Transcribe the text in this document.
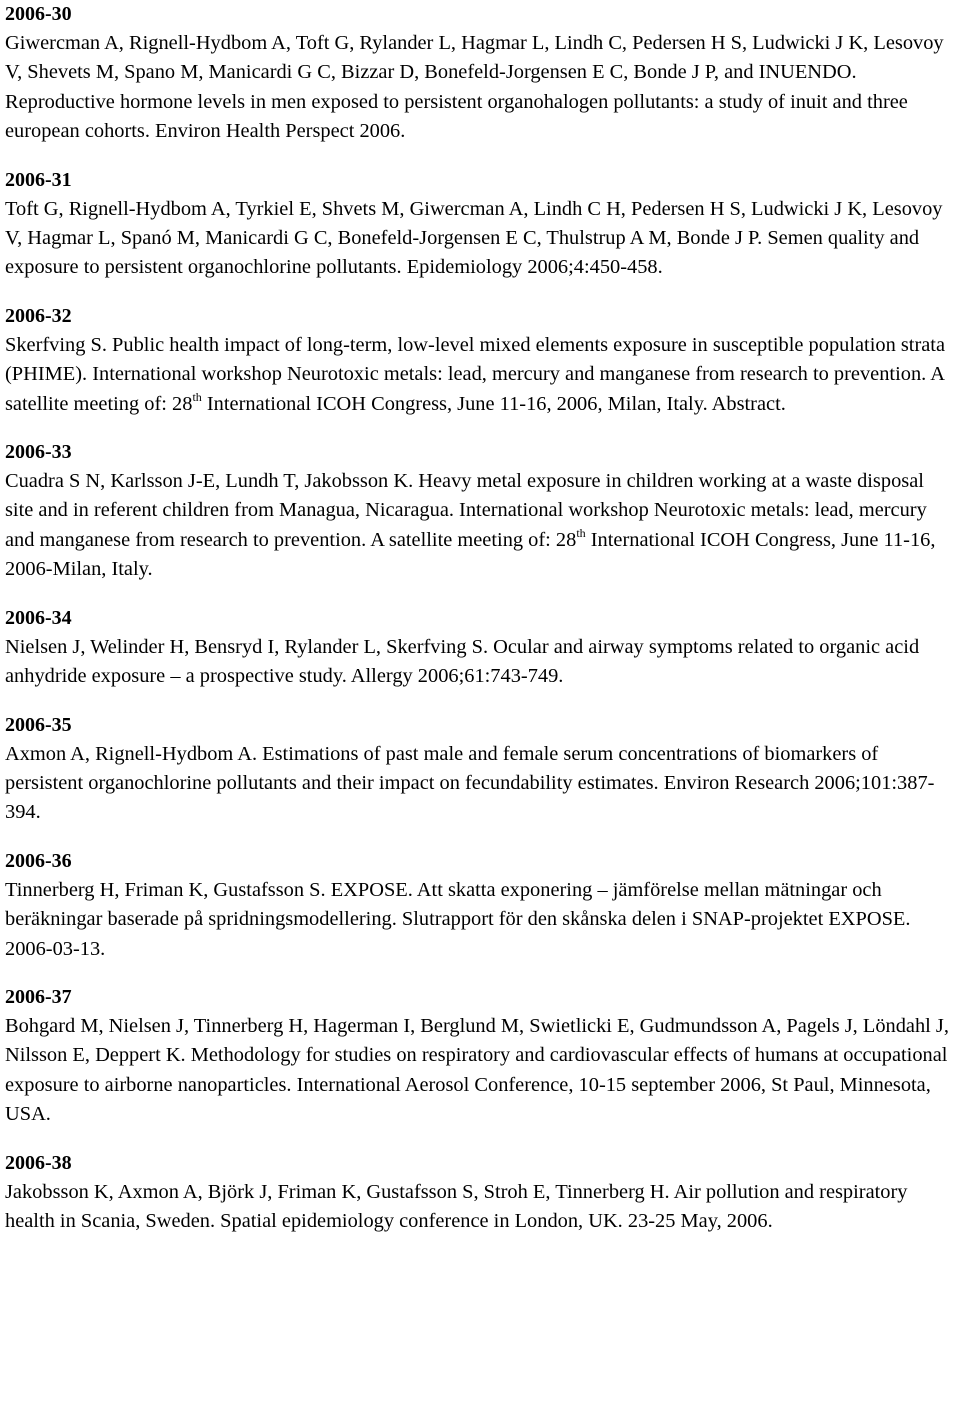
2006-30

Giwercman A, Rignell-Hydbom A, Toft G, Rylander L, Hagmar L, Lindh C, Pedersen H S, Ludwicki J K, Lesovoy V, Shevets M, Spano M, Manicardi G C, Bizzar D, Bonefeld-Jorgensen E C, Bonde J P, and INUENDO. Reproductive hormone levels in men exposed to persistent organohalogen pollutants: a study of inuit and three european cohorts. Environ Health Perspect 2006.

2006-31

Toft G, Rignell-Hydbom A, Tyrkiel E, Shvets M, Giwercman A, Lindh C H, Pedersen H S, Ludwicki J K, Lesovoy V, Hagmar L, Spanó M, Manicardi G C, Bonefeld-Jorgensen E C, Thulstrup A M, Bonde J P. Semen quality and exposure to persistent organochlorine pollutants. Epidemiology 2006;4:450-458.

2006-32

Skerfving S. Public health impact of long-term, low-level mixed elements exposure in susceptible population strata (PHIME). International workshop Neurotoxic metals: lead, mercury and manganese from research to prevention. A satellite meeting of: 28th International ICOH Congress, June 11-16, 2006, Milan, Italy. Abstract.

2006-33

Cuadra S N, Karlsson J-E, Lundh T, Jakobsson K. Heavy metal exposure in children working at a waste disposal site and in referent children from Managua, Nicaragua. International workshop Neurotoxic metals: lead, mercury and manganese from research to prevention. A satellite meeting of: 28th International ICOH Congress, June 11-16, 2006-Milan, Italy.

2006-34

Nielsen J, Welinder H, Bensryd I, Rylander L, Skerfving S. Ocular and airway symptoms related to organic acid anhydride exposure – a prospective study. Allergy 2006;61:743-749.

2006-35

Axmon A, Rignell-Hydbom A. Estimations of past male and female serum concentrations of biomarkers of persistent organochlorine pollutants and their impact on fecundability estimates. Environ Research 2006;101:387-394.

2006-36

Tinnerberg H, Friman K, Gustafsson S. EXPOSE. Att skatta exponering – jämförelse mellan mätningar och beräkningar baserade på spridningsmodellering. Slutrapport för den skånska delen i SNAP-projektet EXPOSE. 2006-03-13.

2006-37

Bohgard M, Nielsen J, Tinnerberg H, Hagerman I, Berglund M, Swietlicki E, Gudmundsson A, Pagels J, Löndahl J, Nilsson E, Deppert K. Methodology for studies on respiratory and cardiovascular effects of humans at occupational exposure to airborne nanoparticles. International Aerosol Conference, 10-15 september 2006, St Paul, Minnesota, USA.

2006-38

Jakobsson K, Axmon A, Björk J, Friman K, Gustafsson S, Stroh E, Tinnerberg H. Air pollution and respiratory health in Scania, Sweden. Spatial epidemiology conference in London, UK. 23-25 May, 2006.
